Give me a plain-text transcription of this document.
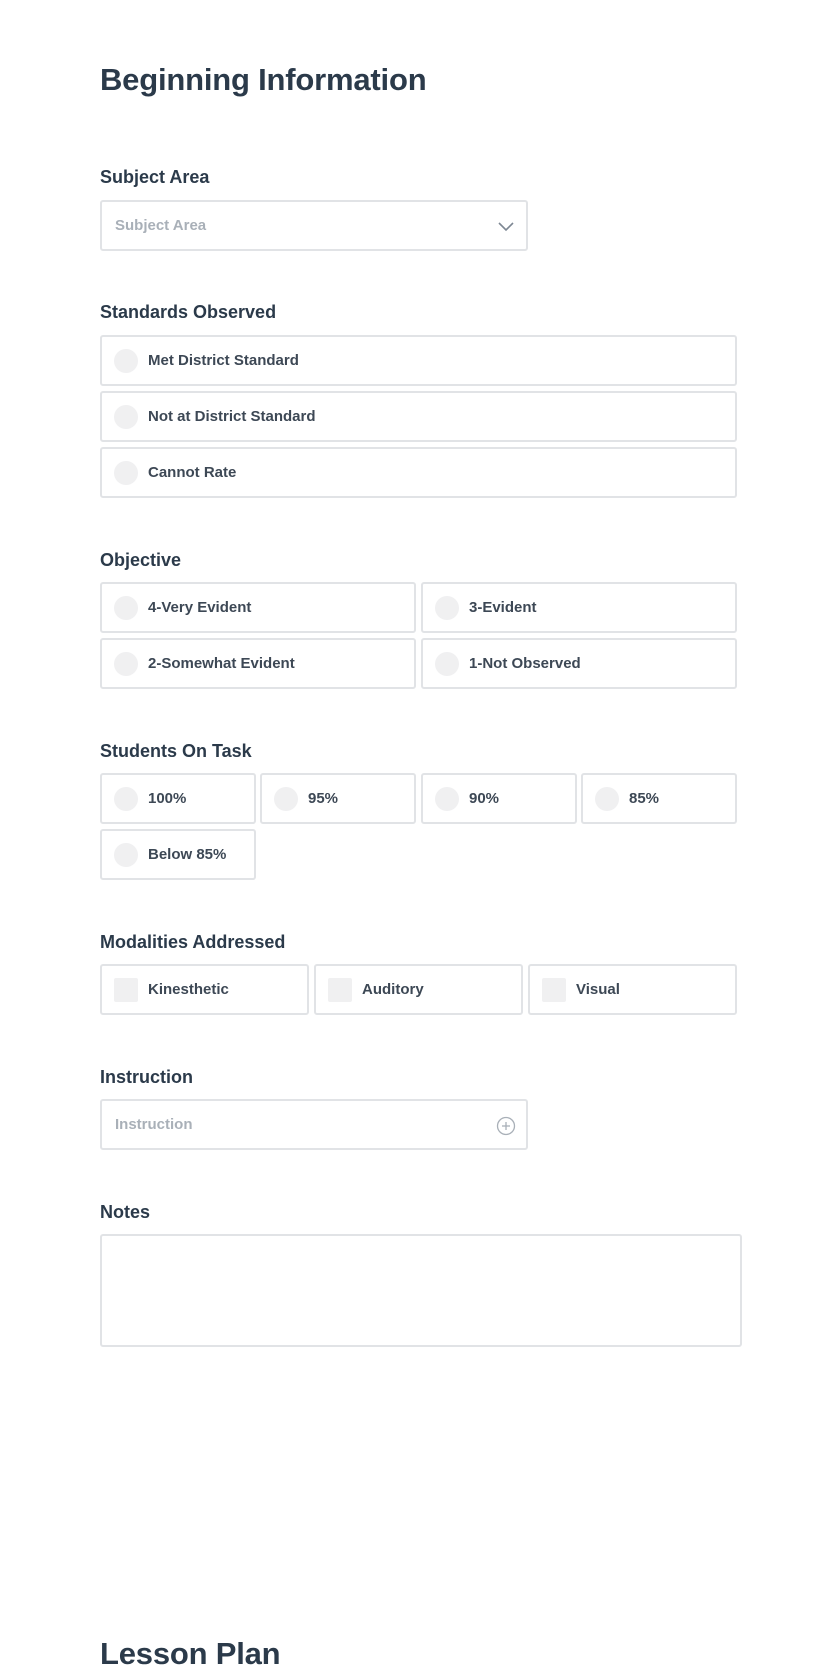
Beginning Information
Subject Area
Subject Area
Standards Observed
Met District Standard
Not at District Standard
Cannot Rate
Objective
4-Very Evident	3-Evident
2-Somewhat Evident	1-Not Observed
Students On Task
100%	95%	90%	85%
Below 85%
Modalities Addressed
Kinesthetic	Auditory	Visual
Instruction
Instruction
Notes
Lesson Plan
